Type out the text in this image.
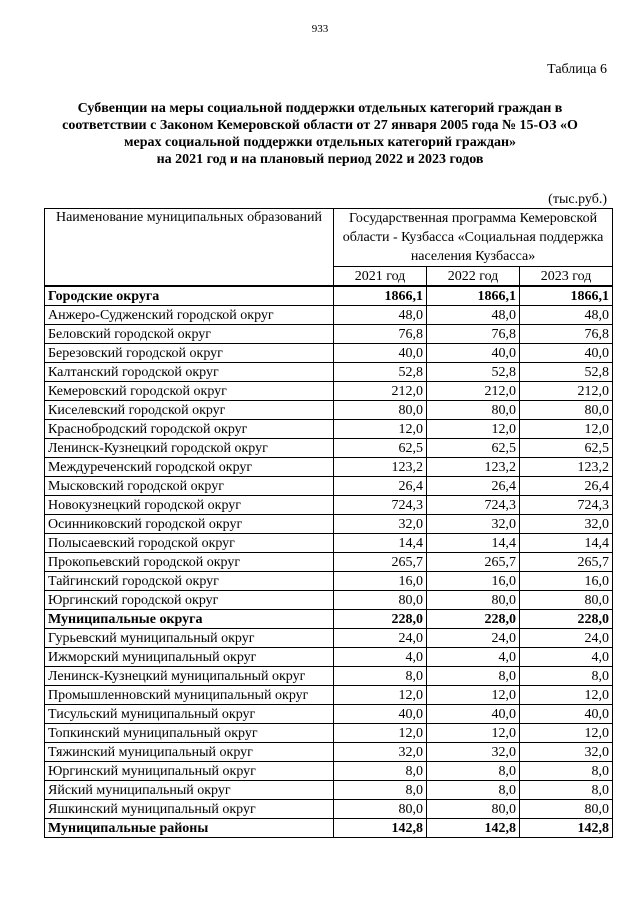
933
Таблица 6
Субвенции на меры социальной поддержки отдельных категорий граждан в
соответствии с Законом Кемеровской области от 27 января 2005 года № 15-ОЗ «О
мерах социальной поддержки отдельных категорий граждан»
на 2021 год и на плановый период 2022 и 2023 годов
(тыс.руб.)
Наименование муниципальных образований	Государственная программа Кемеровской
области - Кузбасса «Социальная поддержка
населения Кузбасса»		

	2021 год	2022 год	2023 год
Городские округа	1866,1	1866,1	1866,1
Анжеро-Судженский городской округ	48,0	48,0	48,0
Беловский городской округ	76,8	76,8	76,8
Березовский городской округ	40,0	40,0	40,0
Калтанский городской округ	52,8	52,8	52,8
Кемеровский городской округ	212,0	212,0	212,0
Киселевский городской округ	80,0	80,0	80,0
Краснобродский городской округ	12,0	12,0	12,0
Ленинск-Кузнецкий городской округ	62,5	62,5	62,5
Междуреченский городской округ	123,2	123,2	123,2
Мысковский городской округ	26,4	26,4	26,4
Новокузнецкий городской округ	724,3	724,3	724,3
Осинниковский городской округ	32,0	32,0	32,0
Полысаевский городской округ	14,4	14,4	14,4
Прокопьевский городской округ	265,7	265,7	265,7
Тайгинский городской округ	16,0	16,0	16,0
Юргинский городской округ	80,0	80,0	80,0
Муниципальные округа	228,0	228,0	228,0
Гурьевский муниципальный округ	24,0	24,0	24,0
Ижморский муниципальный округ	4,0	4,0	4,0
Ленинск-Кузнецкий муниципальный округ	8,0	8,0	8,0
Промышленновский муниципальный округ	12,0	12,0	12,0
Тисульский муниципальный округ	40,0	40,0	40,0
Топкинский муниципальный округ	12,0	12,0	12,0
Тяжинский муниципальный округ	32,0	32,0	32,0
Юргинский муниципальный округ	8,0	8,0	8,0
Яйский муниципальный округ	8,0	8,0	8,0
Яшкинский муниципальный округ	80,0	80,0	80,0
Муниципальные районы	142,8	142,8	142,8
